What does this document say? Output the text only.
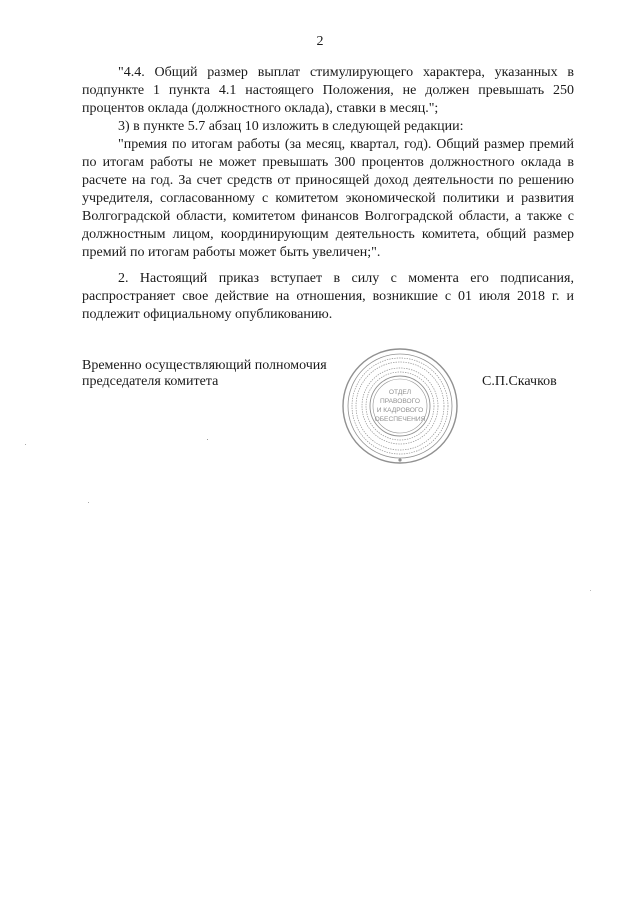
2

"4.4. Общий размер выплат стимулирующего характера, указанных в подпункте 1 пункта 4.1 настоящего Положения, не должен превышать 250 процентов оклада (должностного оклада), ставки в месяц.";

3) в пункте 5.7 абзац 10 изложить в следующей редакции:

"премия по итогам работы (за месяц, квартал, год). Общий размер премий по итогам работы не может превышать 300 процентов должностного оклада в расчете на год. За счет средств от приносящей доход деятельности по решению учредителя, согласованному с комитетом экономической политики и развития Волгоградской области, комитетом финансов Волгоградской области, а также с должностным лицом, координирующим деятельность комитета, общий размер премий по итогам работы может быть увеличен;".

2. Настоящий приказ вступает в силу с момента его подписания, распространяет свое действие на отношения, возникшие с 01 июля 2018 г. и подлежит официальному опубликованию.

Временно осуществляющий полномочия
председателя комитета	С.П.Скачков
ОТДЕЛ
ПРАВОВОГО
И КАДРОВОГО
ОБЕСПЕЧЕНИЯ
